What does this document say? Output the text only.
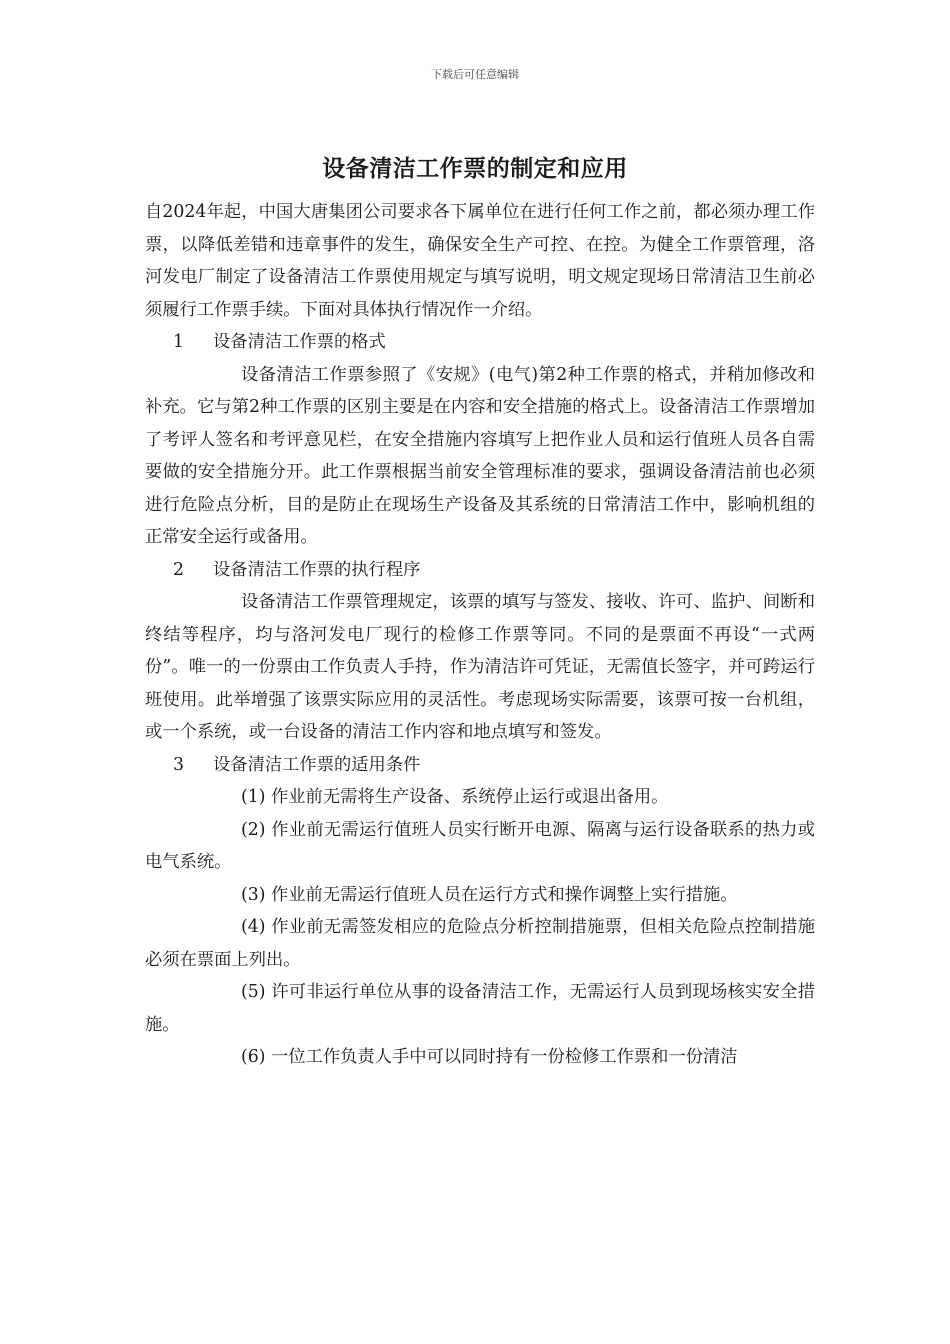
下载后可任意编辑
设备清洁工作票的制定和应用

自2024年起，中国大唐集团公司要求各下属单位在进行任何工作之前，都必须办理工作票，以降低差错和违章事件的发生，确保安全生产可控、在控。为健全工作票管理，洛河发电厂制定了设备清洁工作票使用规定与填写说明，明文规定现场日常清洁卫生前必须履行工作票手续。下面对具体执行情况作一介绍。

1 设备清洁工作票的格式

设备清洁工作票参照了《安规》(电气)第2种工作票的格式，并稍加修改和补充。它与第2种工作票的区别主要是在内容和安全措施的格式上。设备清洁工作票增加了考评人签名和考评意见栏，在安全措施内容填写上把作业人员和运行值班人员各自需要做的安全措施分开。此工作票根据当前安全管理标准的要求，强调设备清洁前也必须进行危险点分析，目的是防止在现场生产设备及其系统的日常清洁工作中，影响机组的正常安全运行或备用。

2 设备清洁工作票的执行程序

设备清洁工作票管理规定，该票的填写与签发、接收、许可、监护、间断和终结等程序，均与洛河发电厂现行的检修工作票等同。不同的是票面不再设“一式两份”。唯一的一份票由工作负责人手持，作为清洁许可凭证，无需值长签字，并可跨运行班使用。此举增强了该票实际应用的灵活性。考虑现场实际需要，该票可按一台机组，或一个系统，或一台设备的清洁工作内容和地点填写和签发。

3 设备清洁工作票的适用条件

(1) 作业前无需将生产设备、系统停止运行或退出备用。

(2) 作业前无需运行值班人员实行断开电源、隔离与运行设备联系的热力或电气系统。

(3) 作业前无需运行值班人员在运行方式和操作调整上实行措施。

(4) 作业前无需签发相应的危险点分析控制措施票，但相关危险点控制措施必须在票面上列出。

(5) 许可非运行单位从事的设备清洁工作，无需运行人员到现场核实安全措施。

(6) 一位工作负责人手中可以同时持有一份检修工作票和一份清洁
